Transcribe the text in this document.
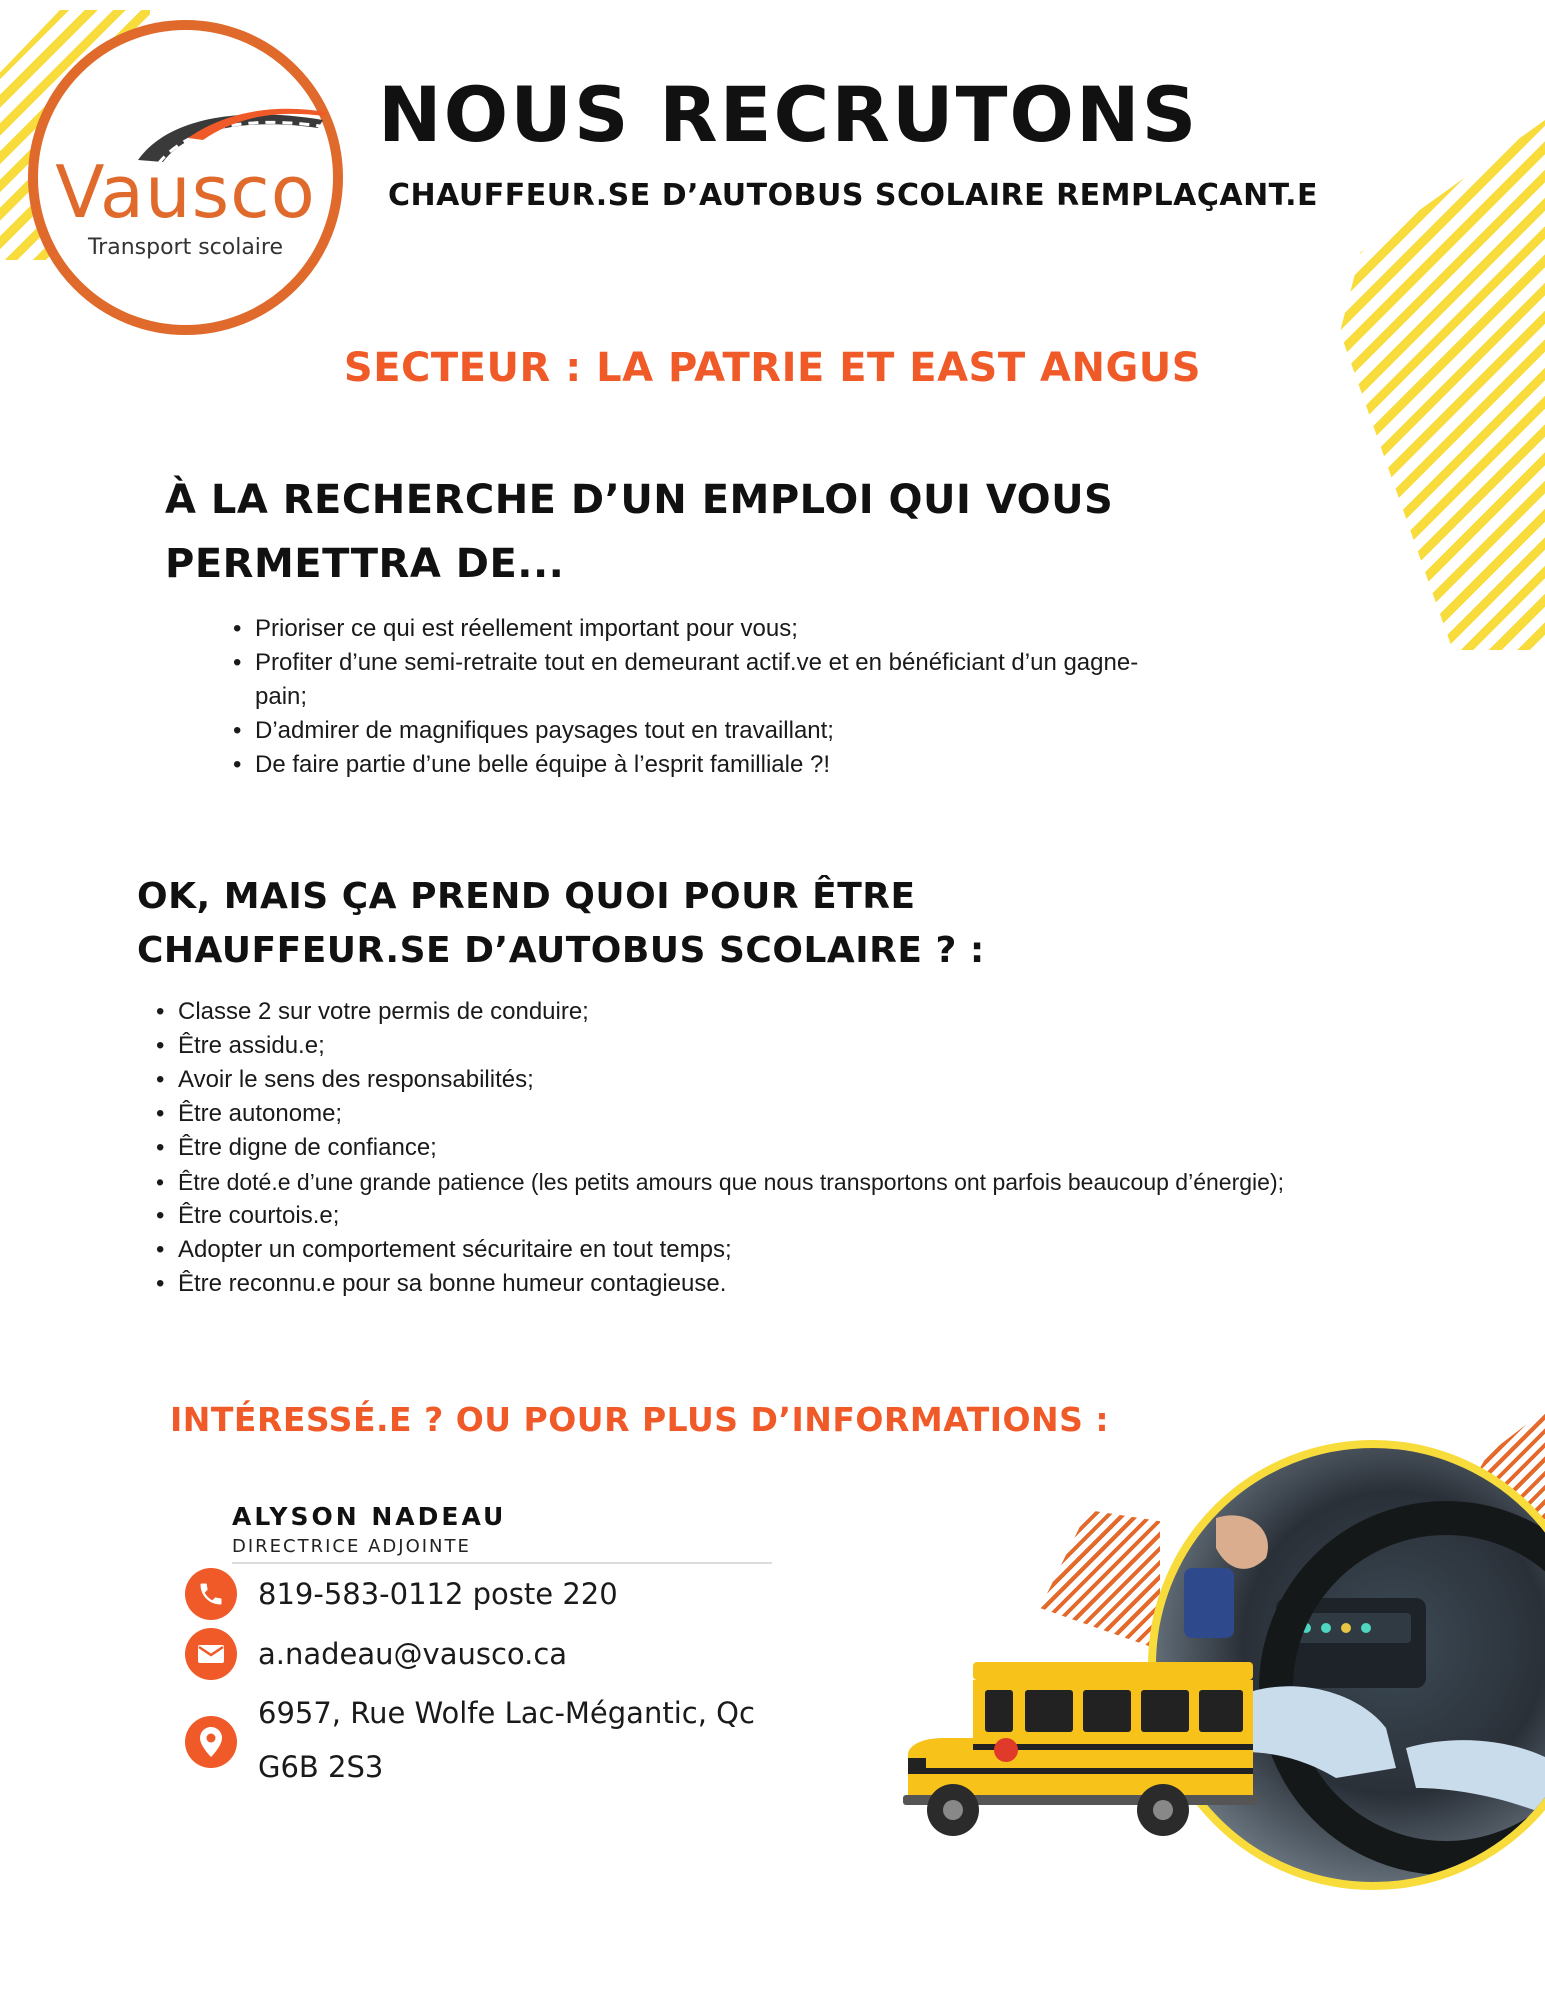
Vausco
Transport scolaire
NOUS RECRUTONS
CHAUFFEUR.SE D’AUTOBUS SCOLAIRE REMPLAÇANT.E
SECTEUR : LA PATRIE ET EAST ANGUS
À LA RECHERCHE D’UN EMPLOI QUI VOUS
PERMETTRA DE...
• Prioriser ce qui est réellement important pour vous;
• Profiter d’une semi-retraite tout en demeurant actif.ve et en bénéficiant d’un gagne-pain;
• D’admirer de magnifiques paysages tout en travaillant;
• De faire partie d’une belle équipe à l’esprit familliale ?!
OK, MAIS ÇA PREND QUOI POUR ÊTRE
CHAUFFEUR.SE D’AUTOBUS SCOLAIRE ? :
• Classe 2 sur votre permis de conduire;
• Être assidu.e;
• Avoir le sens des responsabilités;
• Être autonome;
• Être digne de confiance;
• Être doté.e d’une grande patience (les petits amours que nous transportons ont parfois beaucoup d’énergie);
• Être courtois.e;
• Adopter un comportement sécuritaire en tout temps;
• Être reconnu.e pour sa bonne humeur contagieuse.
INTÉRESSÉ.E ? OU POUR PLUS D’INFORMATIONS :
ALYSON NADEAU
DIRECTRICE ADJOINTE
819-583-0112 poste 220
a.nadeau@vausco.ca
6957, Rue Wolfe Lac-Mégantic, Qc
G6B 2S3
